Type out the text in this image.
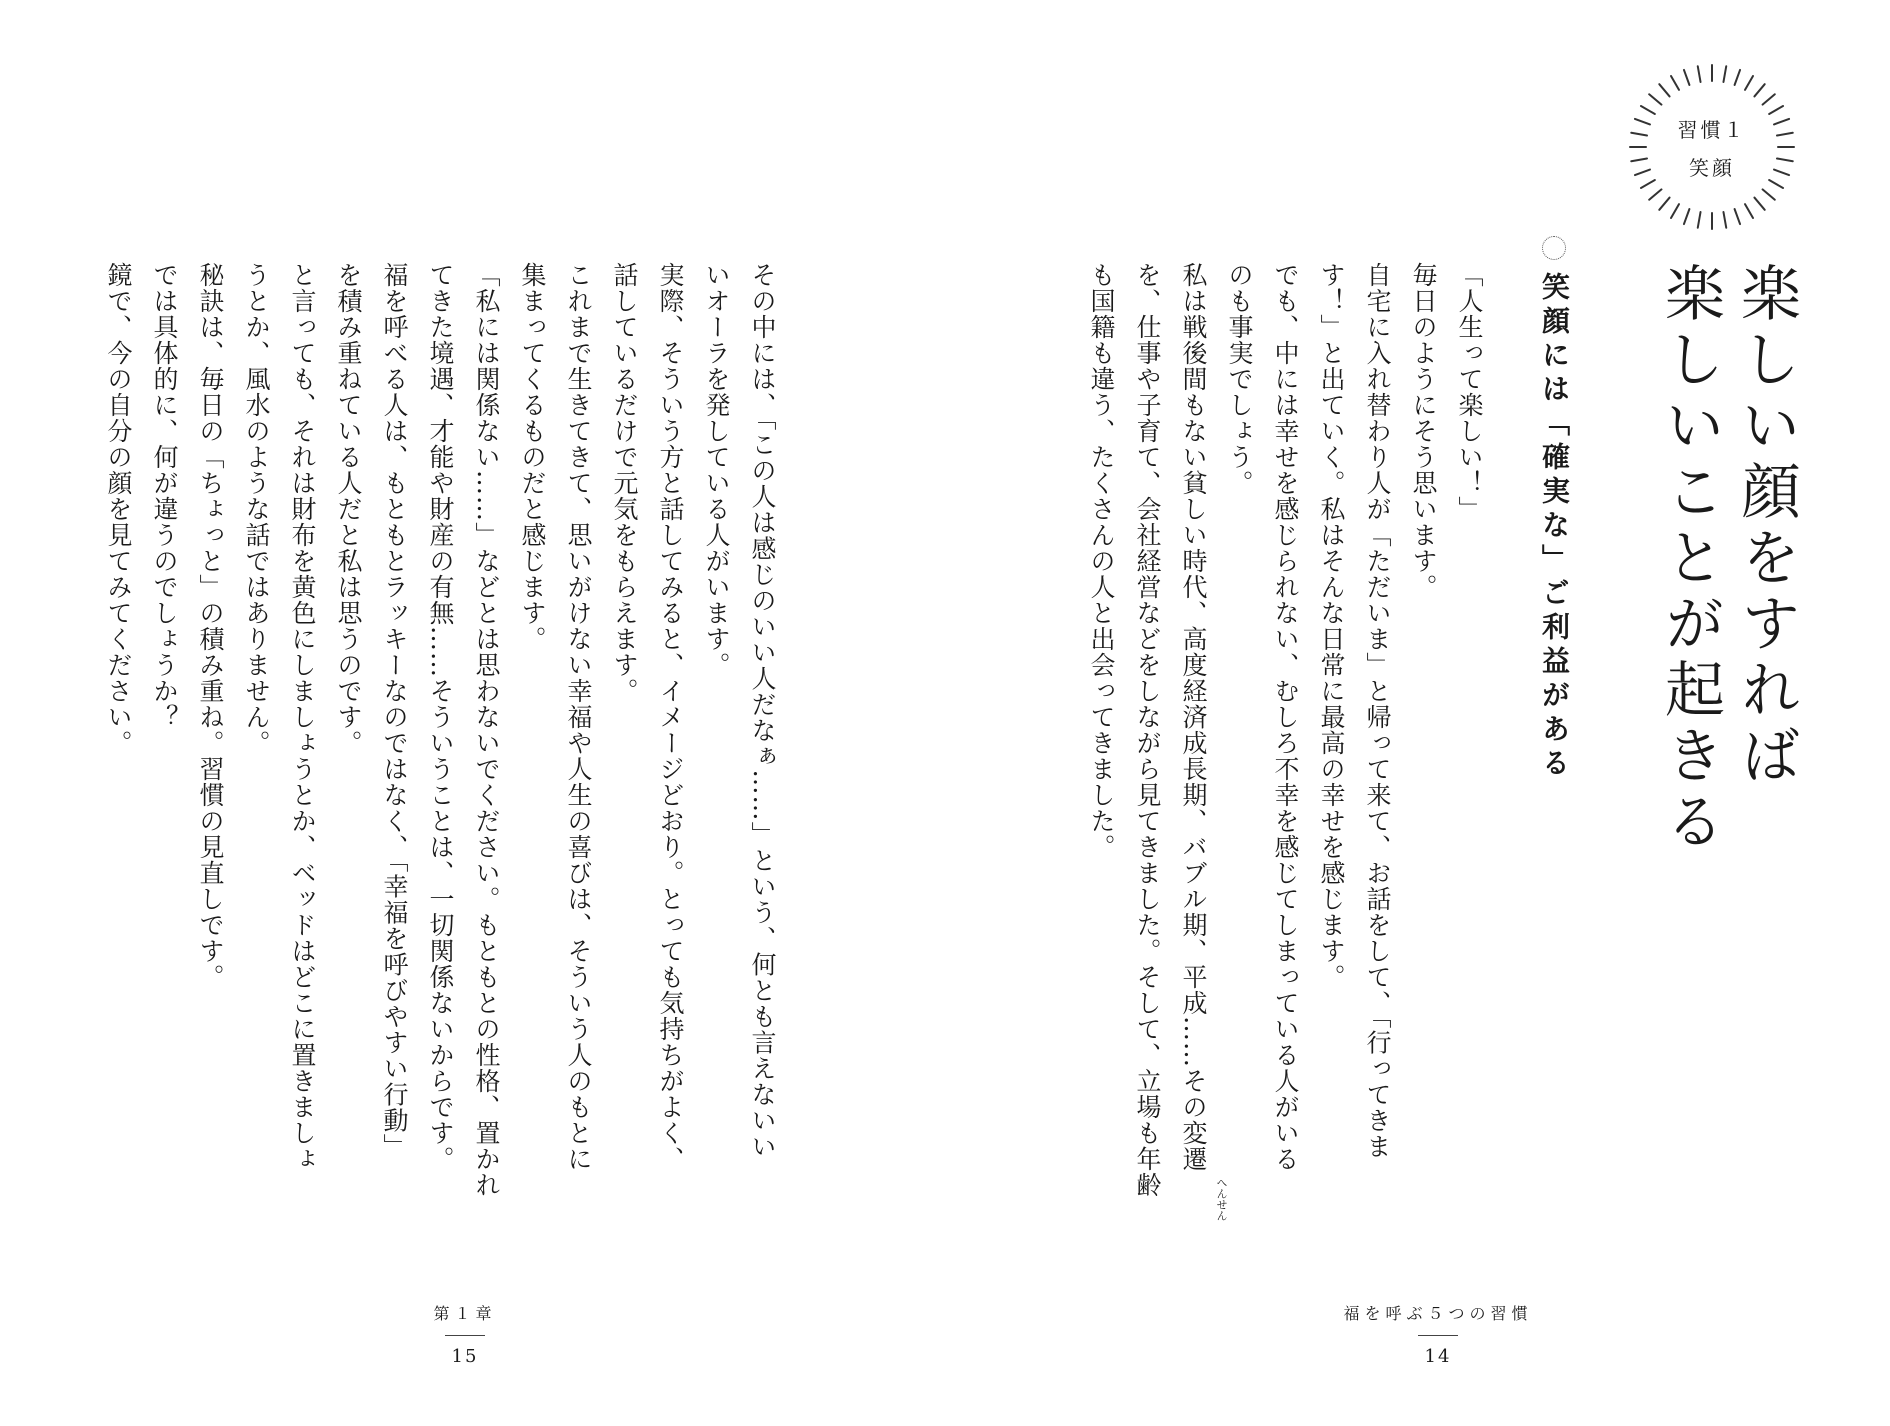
習慣１
笑顔
楽しい顔をすれば
楽しいことが起きる
笑顔には「確実な」ご利益がある
「人生って楽しい！」
毎日のようにそう思います。
自宅に入れ替わり人が「ただいま」と帰って来て、お話をして、「行ってきま
す！」と出ていく。私はそんな日常に最高の幸せを感じます。
でも、中には幸せを感じられない、むしろ不幸を感じてしまっている人がいる
のも事実でしょう。
私は戦後間もない貧しい時代、高度経済成長期、バブル期、平成……その変遷
を、仕事や子育て、会社経営などをしながら見てきました。そして、立場も年齢
も国籍も違う、たくさんの人と出会ってきました。
へんせん
その中には、「この人は感じのいい人だなぁ……」という、何とも言えないい
いオーラを発している人がいます。
実際、そういう方と話してみると、イメージどおり。とっても気持ちがよく、
話しているだけで元気をもらえます。
これまで生きてきて、思いがけない幸福や人生の喜びは、そういう人のもとに
集まってくるものだと感じます。
「私には関係ない……」などとは思わないでください。もともとの性格、置かれ
てきた境遇、才能や財産の有無……そういうことは、一切関係ないからです。
福を呼べる人は、もともとラッキーなのではなく、「幸福を呼びやすい行動」
を積み重ねている人だと私は思うのです。
と言っても、それは財布を黄色にしましょうとか、ベッドはどこに置きましょ
うとか、風水のような話ではありません。
秘訣は、毎日の「ちょっと」の積み重ね。習慣の見直しです。
では具体的に、何が違うのでしょうか？
鏡で、今の自分の顔を見てみてください。
第１章
15
福を呼ぶ５つの習慣
14
